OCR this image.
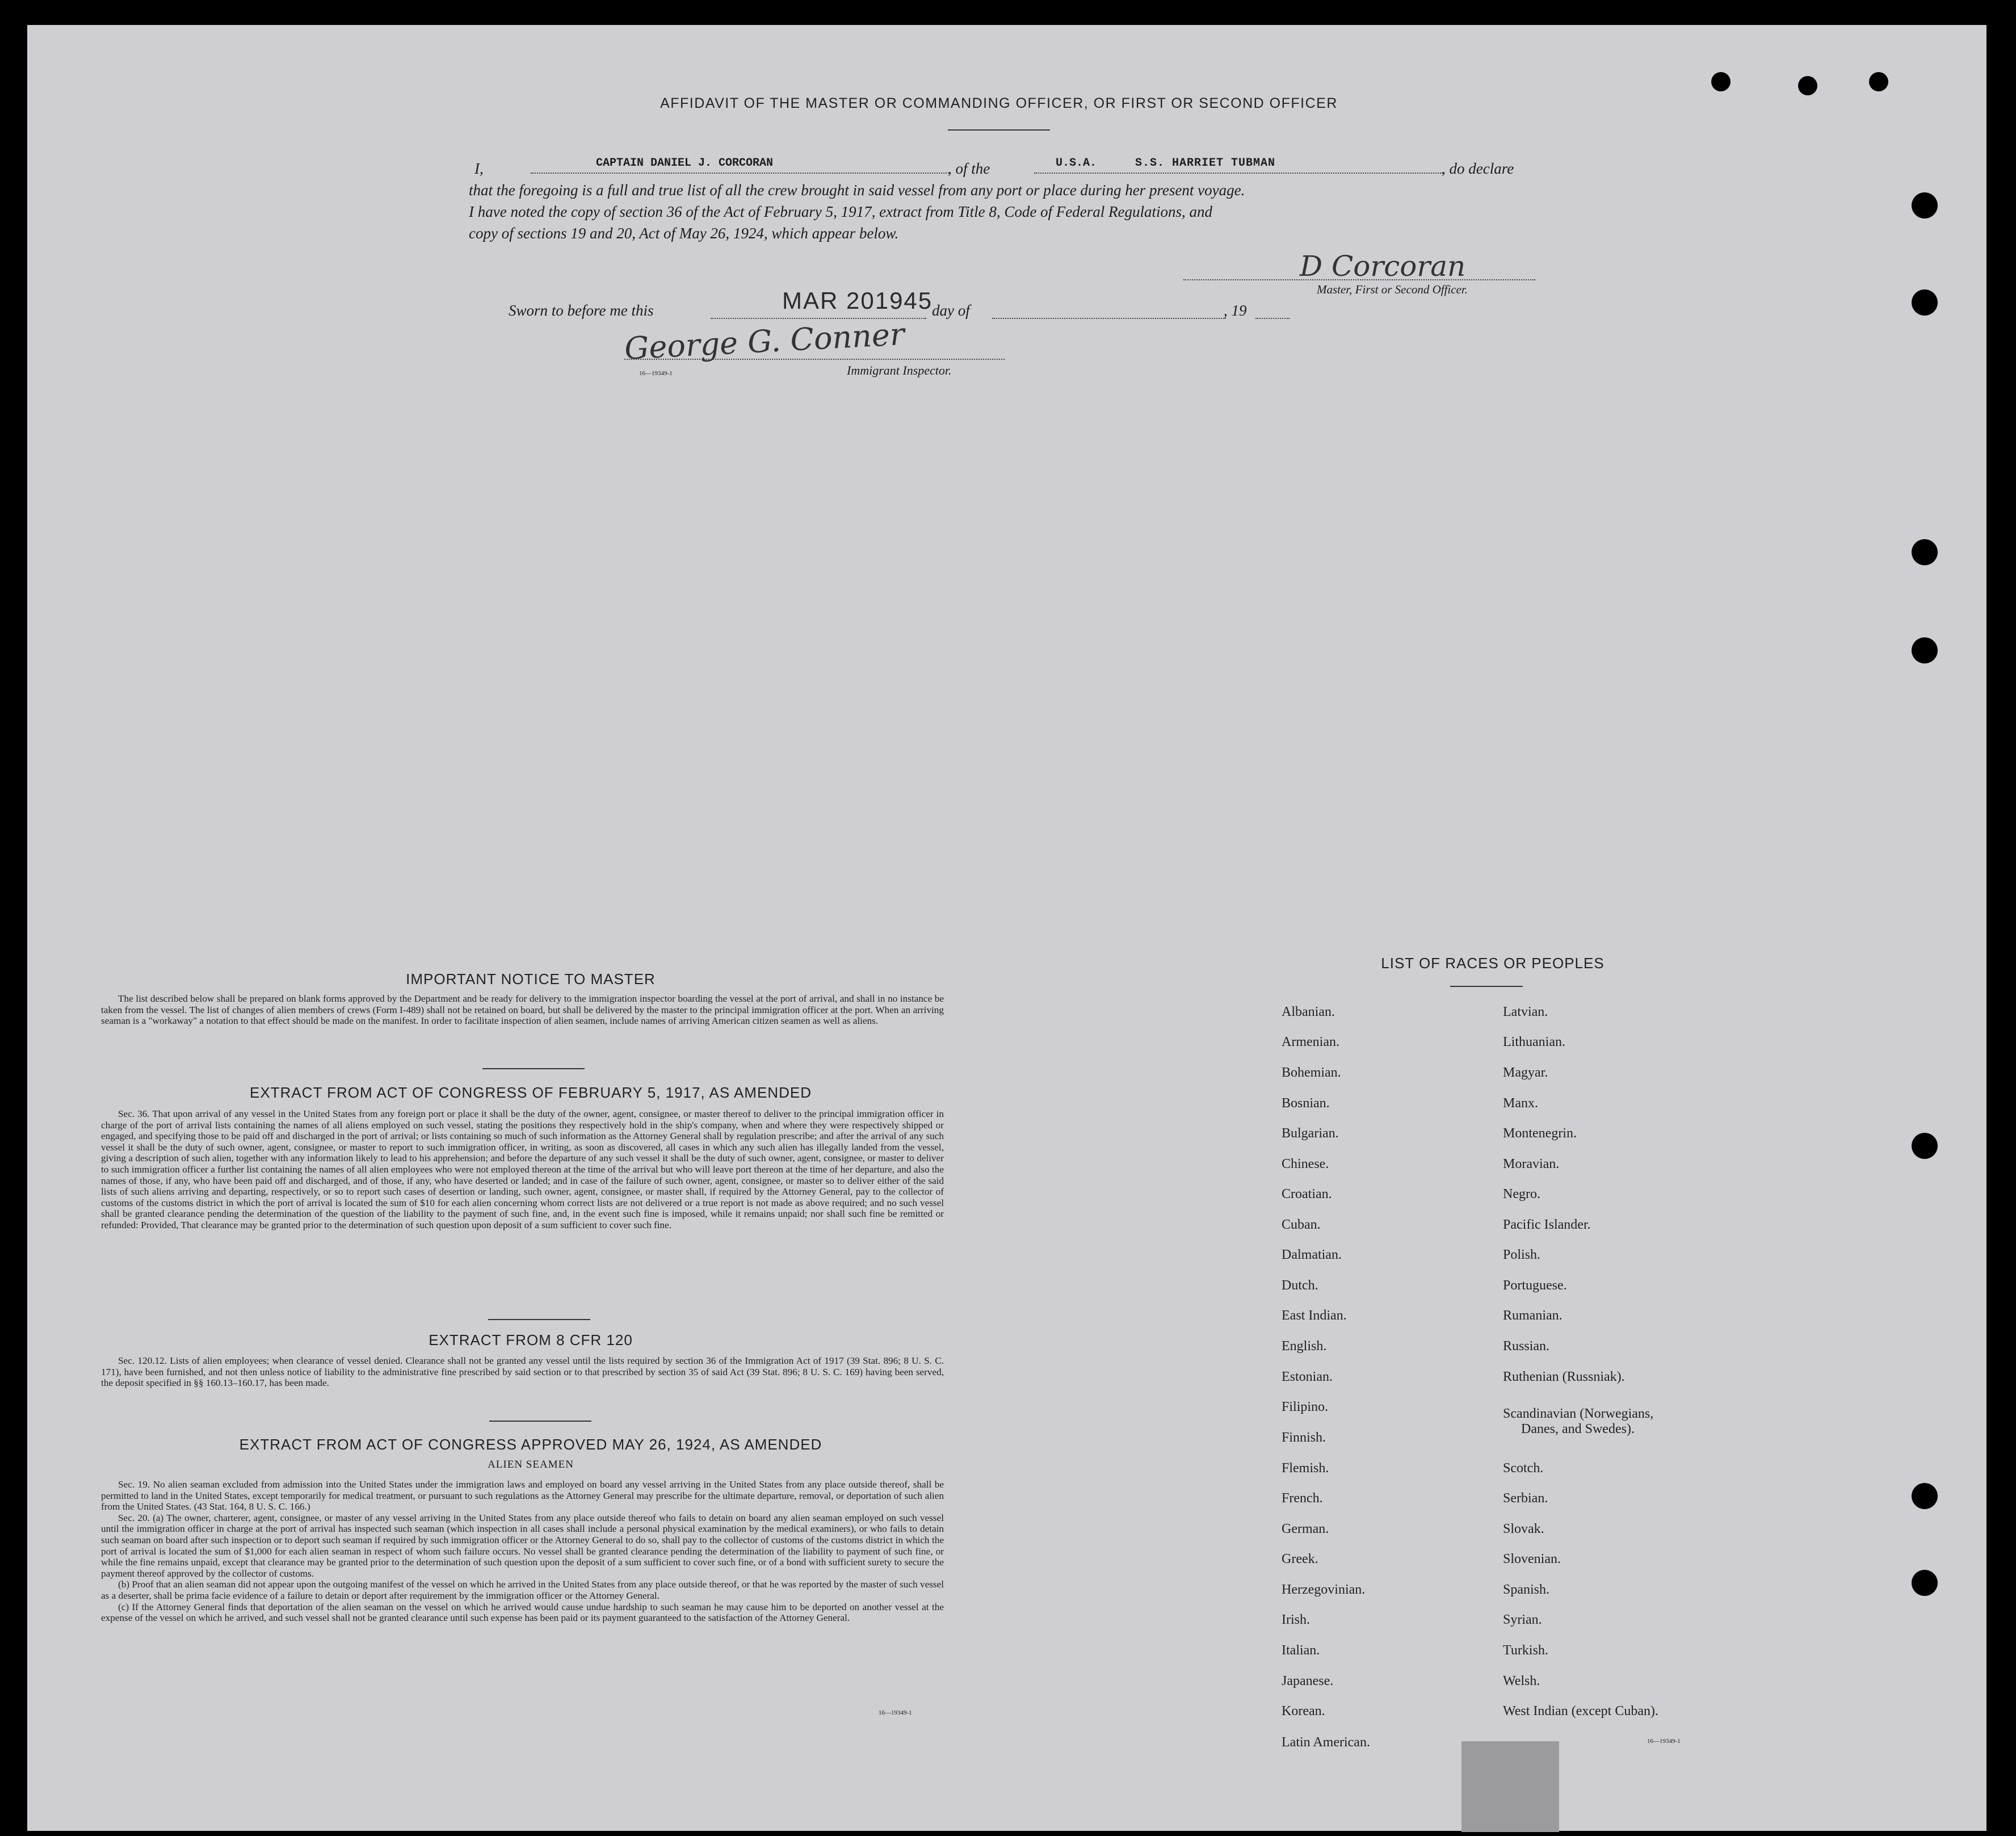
AFFIDAVIT OF THE MASTER OR COMMANDING OFFICER, OR FIRST OR SECOND OFFICER
I,	CAPTAIN DANIEL J. CORCORAN	, of the	U.S.A.	S.S. HARRIET TUBMAN	, do declare
that the foregoing is a full and true list of all the crew brought in said vessel from any port or place during her present voyage.
I have noted the copy of section 36 of the Act of February 5, 1917, extract from Title 8, Code of Federal Regulations, and
copy of sections 19 and 20, Act of May 26, 1924, which appear below.
D Corcoran
Master, First or Second Officer.
Sworn to before me this	MAR 201945
day of	, 19
George G. Conner
16—19349-1	Immigrant Inspector.
IMPORTANT NOTICE TO MASTER

The list described below shall be prepared on blank forms approved by the Department and be ready for delivery to the immigration inspector boarding the vessel at the port of arrival, and shall in no instance be taken from the vessel. The list of changes of alien members of crews (Form I-489) shall not be retained on board, but shall be delivered by the master to the principal immigration officer at the port. When an arriving seaman is a "workaway" a notation to that effect should be made on the manifest. In order to facilitate inspection of alien seamen, include names of arriving American citizen seamen as well as aliens.

EXTRACT FROM ACT OF CONGRESS OF FEBRUARY 5, 1917, AS AMENDED

Sec. 36. That upon arrival of any vessel in the United States from any foreign port or place it shall be the duty of the owner, agent, consignee, or master thereof to deliver to the principal immigration officer in charge of the port of arrival lists containing the names of all aliens employed on such vessel, stating the positions they respectively hold in the ship's company, when and where they were respectively shipped or engaged, and specifying those to be paid off and discharged in the port of arrival; or lists containing so much of such information as the Attorney General shall by regulation prescribe; and after the arrival of any such vessel it shall be the duty of such owner, agent, consignee, or master to report to such immigration officer, in writing, as soon as discovered, all cases in which any such alien has illegally landed from the vessel, giving a description of such alien, together with any information likely to lead to his apprehension; and before the departure of any such vessel it shall be the duty of such owner, agent, consignee, or master to deliver to such immigration officer a further list containing the names of all alien employees who were not employed thereon at the time of the arrival but who will leave port thereon at the time of her departure, and also the names of those, if any, who have been paid off and discharged, and of those, if any, who have deserted or landed; and in case of the failure of such owner, agent, consignee, or master so to deliver either of the said lists of such aliens arriving and departing, respectively, or so to report such cases of desertion or landing, such owner, agent, consignee, or master shall, if required by the Attorney General, pay to the collector of customs of the customs district in which the port of arrival is located the sum of $10 for each alien concerning whom correct lists are not delivered or a true report is not made as above required; and no such vessel shall be granted clearance pending the determination of the question of the liability to the payment of such fine, and, in the event such fine is imposed, while it remains unpaid; nor shall such fine be remitted or refunded: Provided, That clearance may be granted prior to the determination of such question upon deposit of a sum sufficient to cover such fine.

EXTRACT FROM 8 CFR 120

Sec. 120.12. Lists of alien employees; when clearance of vessel denied. Clearance shall not be granted any vessel until the lists required by section 36 of the Immigration Act of 1917 (39 Stat. 896; 8 U. S. C. 171), have been furnished, and not then unless notice of liability to the administrative fine prescribed by said section or to that prescribed by section 35 of said Act (39 Stat. 896; 8 U. S. C. 169) having been served, the deposit specified in §§ 160.13–160.17, has been made.

EXTRACT FROM ACT OF CONGRESS APPROVED MAY 26, 1924, AS AMENDED
ALIEN SEAMEN

Sec. 19. No alien seaman excluded from admission into the United States under the immigration laws and employed on board any vessel arriving in the United States from any place outside thereof, shall be permitted to land in the United States, except temporarily for medical treatment, or pursuant to such regulations as the Attorney General may prescribe for the ultimate departure, removal, or deportation of such alien from the United States. (43 Stat. 164, 8 U. S. C. 166.)

Sec. 20. (a) The owner, charterer, agent, consignee, or master of any vessel arriving in the United States from any place outside thereof who fails to detain on board any alien seaman employed on such vessel until the immigration officer in charge at the port of arrival has inspected such seaman (which inspection in all cases shall include a personal physical examination by the medical examiners), or who fails to detain such seaman on board after such inspection or to deport such seaman if required by such immigration officer or the Attorney General to do so, shall pay to the collector of customs of the customs district in which the port of arrival is located the sum of $1,000 for each alien seaman in respect of whom such failure occurs. No vessel shall be granted clearance pending the determination of the liability to payment of such fine, or while the fine remains unpaid, except that clearance may be granted prior to the determination of such question upon the deposit of a sum sufficient to cover such fine, or of a bond with sufficient surety to secure the payment thereof approved by the collector of customs.

(b) Proof that an alien seaman did not appear upon the outgoing manifest of the vessel on which he arrived in the United States from any place outside thereof, or that he was reported by the master of such vessel as a deserter, shall be prima facie evidence of a failure to detain or deport after requirement by the immigration officer or the Attorney General.

(c) If the Attorney General finds that deportation of the alien seaman on the vessel on which he arrived would cause undue hardship to such seaman he may cause him to be deported on another vessel at the expense of the vessel on which he arrived, and such vessel shall not be granted clearance until such expense has been paid or its payment guaranteed to the satisfaction of the Attorney General.

16—19349-1
LIST OF RACES OR PEOPLES
Albanian.
Armenian.
Bohemian.
Bosnian.
Bulgarian.
Chinese.
Croatian.
Cuban.
Dalmatian.
Dutch.
East Indian.
English.
Estonian.
Filipino.
Finnish.
Flemish.
French.
German.
Greek.
Herzegovinian.
Irish.
Italian.
Japanese.
Korean.
Latin American.
Latvian.
Lithuanian.
Magyar.
Manx.
Montenegrin.
Moravian.
Negro.
Pacific Islander.
Polish.
Portuguese.
Rumanian.
Russian.
Ruthenian (Russniak).
Scandinavian (Norwegians,
Danes, and Swedes).
Scotch.
Serbian.
Slovak.
Slovenian.
Spanish.
Syrian.
Turkish.
Welsh.
West Indian (except Cuban).
16—19349-1
